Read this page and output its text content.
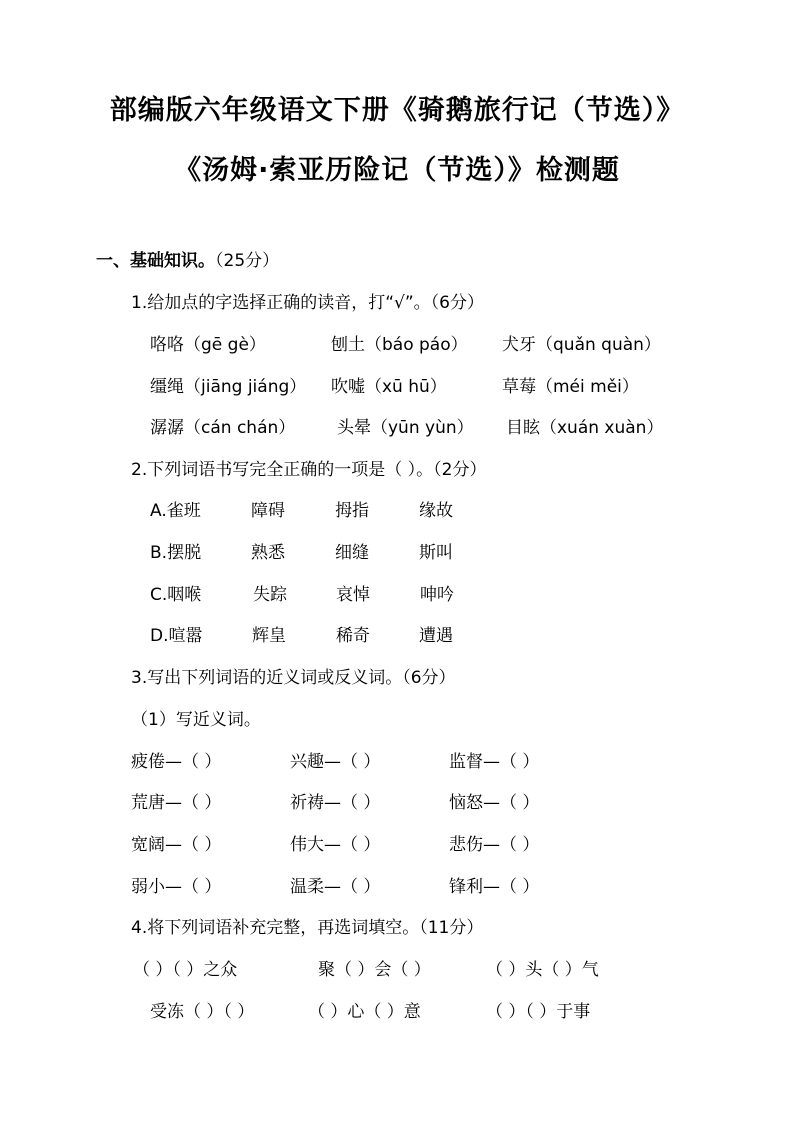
部编版六年级语文下册《骑鹅旅行记（节选）》
《汤姆·索亚历险记（节选）》检测题
一、基础知识。（25分）
1.给加点的字选择正确的读音，打“√”。（6分）
咯咯（gē gè）	刨土（báo páo） 犬牙（quǎn quàn）
缰绳（jiāng jiáng） 吹嘘（xū hū）	草莓（méi měi）
潺潺（cán chán） 头晕（yūn yùn） 目眩（xuán xuàn）
2.下列词语书写完全正确的一项是（ ）。（2分）
A.雀班	障碍	拇指	缘故
B.摆脱	熟悉	细缝	斯叫
C.咽喉	失踪	哀悼	呻吟
D.喧嚣	辉皇	稀奇	遭遇
3.写出下列词语的近义词或反义词。（6分）
（1）写近义词。
疲倦—（ ）	兴趣—（ ）	监督—（ ）
荒唐—（ ）	祈祷—（ ）	恼怒—（ ）
宽阔—（ ）	伟大—（ ）	悲伤—（ ）
弱小—（ ）	温柔—（ ）	锋利—（ ）
4.将下列词语补充完整，再选词填空。（11分）
（ ）（ ）之众	聚（ ）会（ ）	（ ）头（ ）气
受冻（ ）（ ）	（ ）心（ ）意	（ ）（ ）于事
